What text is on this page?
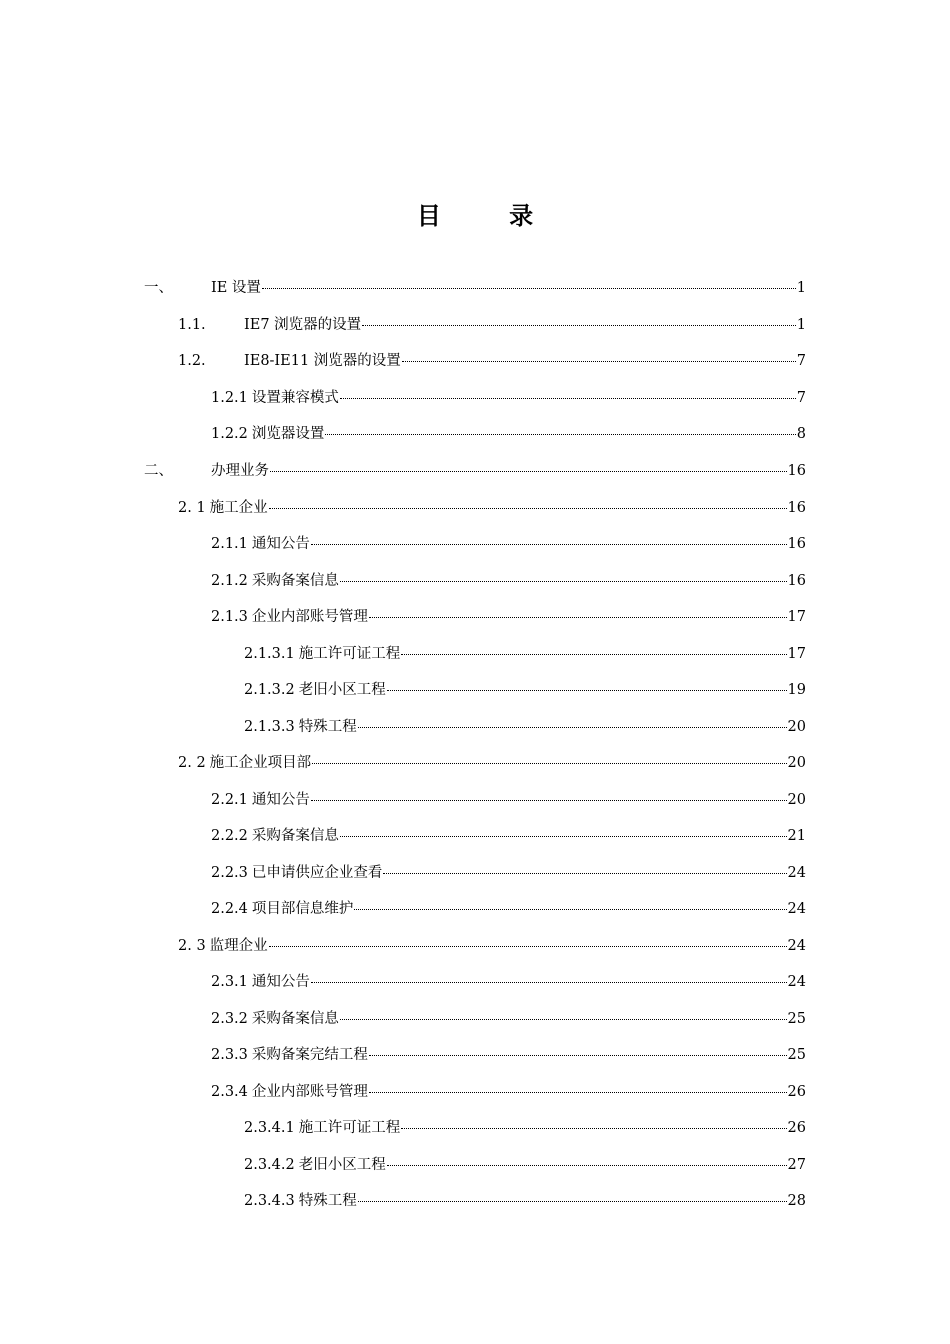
目 录
一、	IE 设置	1
1.1.	IE7 浏览器的设置	1
1.2.	IE8-IE11 浏览器的设置	7
1.2.1 设置兼容模式	7
1.2.2 浏览器设置	8
二、	办理业务	16
2. 1 施工企业	16
2.1.1 通知公告	16
2.1.2 采购备案信息	16
2.1.3 企业内部账号管理	17
2.1.3.1 施工许可证工程	17
2.1.3.2 老旧小区工程	19
2.1.3.3 特殊工程	20
2. 2 施工企业项目部	20
2.2.1 通知公告	20
2.2.2 采购备案信息	21
2.2.3 已申请供应企业查看	24
2.2.4 项目部信息维护	24
2. 3 监理企业	24
2.3.1 通知公告	24
2.3.2 采购备案信息	25
2.3.3 采购备案完结工程	25
2.3.4 企业内部账号管理	26
2.3.4.1 施工许可证工程	26
2.3.4.2 老旧小区工程	27
2.3.4.3 特殊工程	28
